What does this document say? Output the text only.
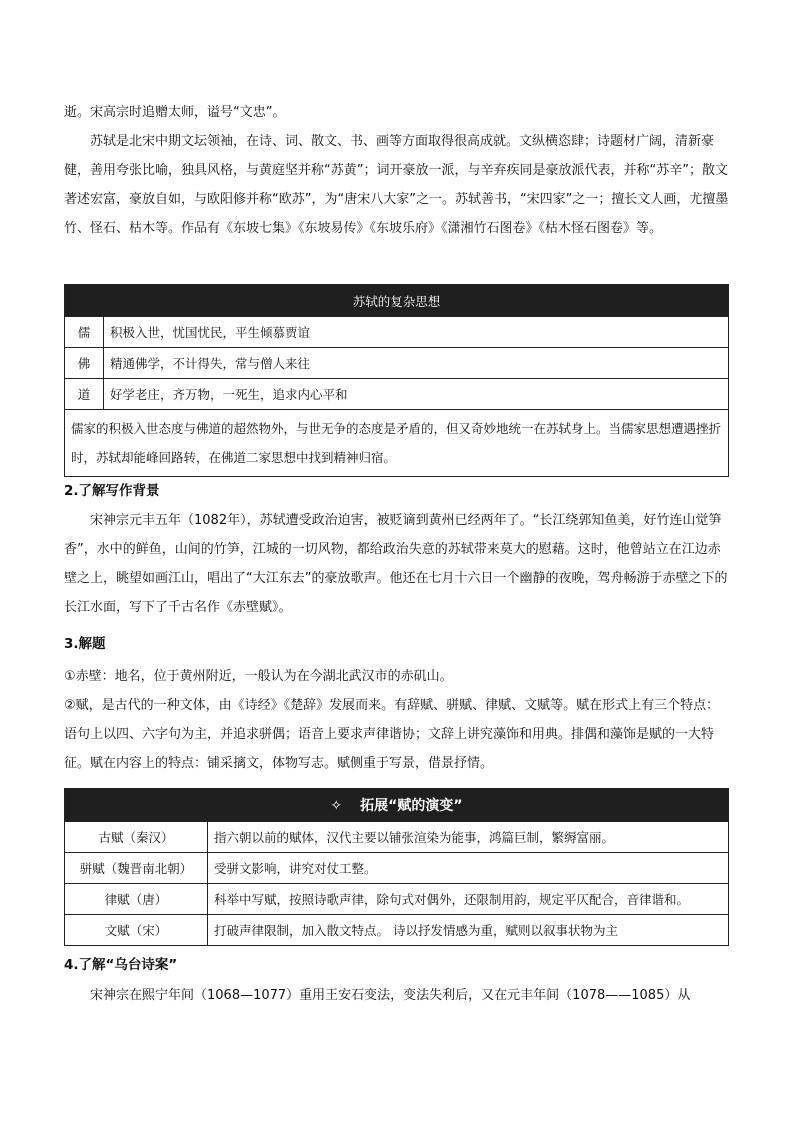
逝。宋高宗时追赠太师，谥号“文忠”。

苏轼是北宋中期文坛领袖，在诗、词、散文、书、画等方面取得很高成就。文纵横恣肆；诗题材广阔，清新豪健，善用夸张比喻，独具风格，与黄庭坚并称“苏黄”；词开豪放一派，与辛弃疾同是豪放派代表，并称“苏辛”；散文著述宏富，豪放自如，与欧阳修并称“欧苏”，为“唐宋八大家”之一。苏轼善书，“宋四家”之一；擅长文人画，尤擅墨竹、怪石、枯木等。作品有《东坡七集》《东坡易传》《东坡乐府》《潇湘竹石图卷》《枯木怪石图卷》等。

苏轼的复杂思想	
儒	积极入世，忧国忧民，平生倾慕贾谊
佛	精通佛学，不计得失，常与僧人来往
道	好学老庄，齐万物，一死生，追求内心平和
儒家的积极入世态度与佛道的超然物外，与世无争的态度是矛盾的，但又奇妙地统一在苏轼身上。当儒家思想遭遇挫折时，苏轼却能峰回路转，在佛道二家思想中找到精神归宿。	

2.了解写作背景

宋神宗元丰五年（1082年），苏轼遭受政治迫害，被贬谪到黄州已经两年了。“长江绕郭知鱼美，好竹连山觉笋香”，水中的鲜鱼，山间的竹笋，江城的一切风物，都给政治失意的苏轼带来莫大的慰藉。这时，他曾站立在江边赤壁之上，眺望如画江山，唱出了“大江东去”的豪放歌声。他还在七月十六日一个幽静的夜晚，驾舟畅游于赤壁之下的长江水面，写下了千古名作《赤壁赋》。

3.解题

①赤壁：地名，位于黄州附近，一般认为在今湖北武汉市的赤矶山。

②赋，是古代的一种文体，由《诗经》《楚辞》发展而来。有辞赋、骈赋、律赋、文赋等。赋在形式上有三个特点：语句上以四、六字句为主，并追求骈偶；语音上要求声律谐协；文辞上讲究藻饰和用典。排偶和藻饰是赋的一大特征。赋在内容上的特点：铺采摛文，体物写志。赋侧重于写景，借景抒情。

✧ 拓展“赋的演变”	
古赋（秦汉）	指六朝以前的赋体，汉代主要以铺张渲染为能事，鸿篇巨制，繁缛富丽。
骈赋（魏晋南北朝）	受骈文影响，讲究对仗工整。
律赋（唐）	科举中写赋，按照诗歌声律，除句式对偶外，还限制用韵，规定平仄配合，音律谐和。
文赋（宋）	打破声律限制，加入散文特点。 诗以抒发情感为重，赋则以叙事状物为主

4.了解“乌台诗案”

宋神宗在熙宁年间（1068—1077）重用王安石变法，变法失利后，又在元丰年间（1078——1085）从
